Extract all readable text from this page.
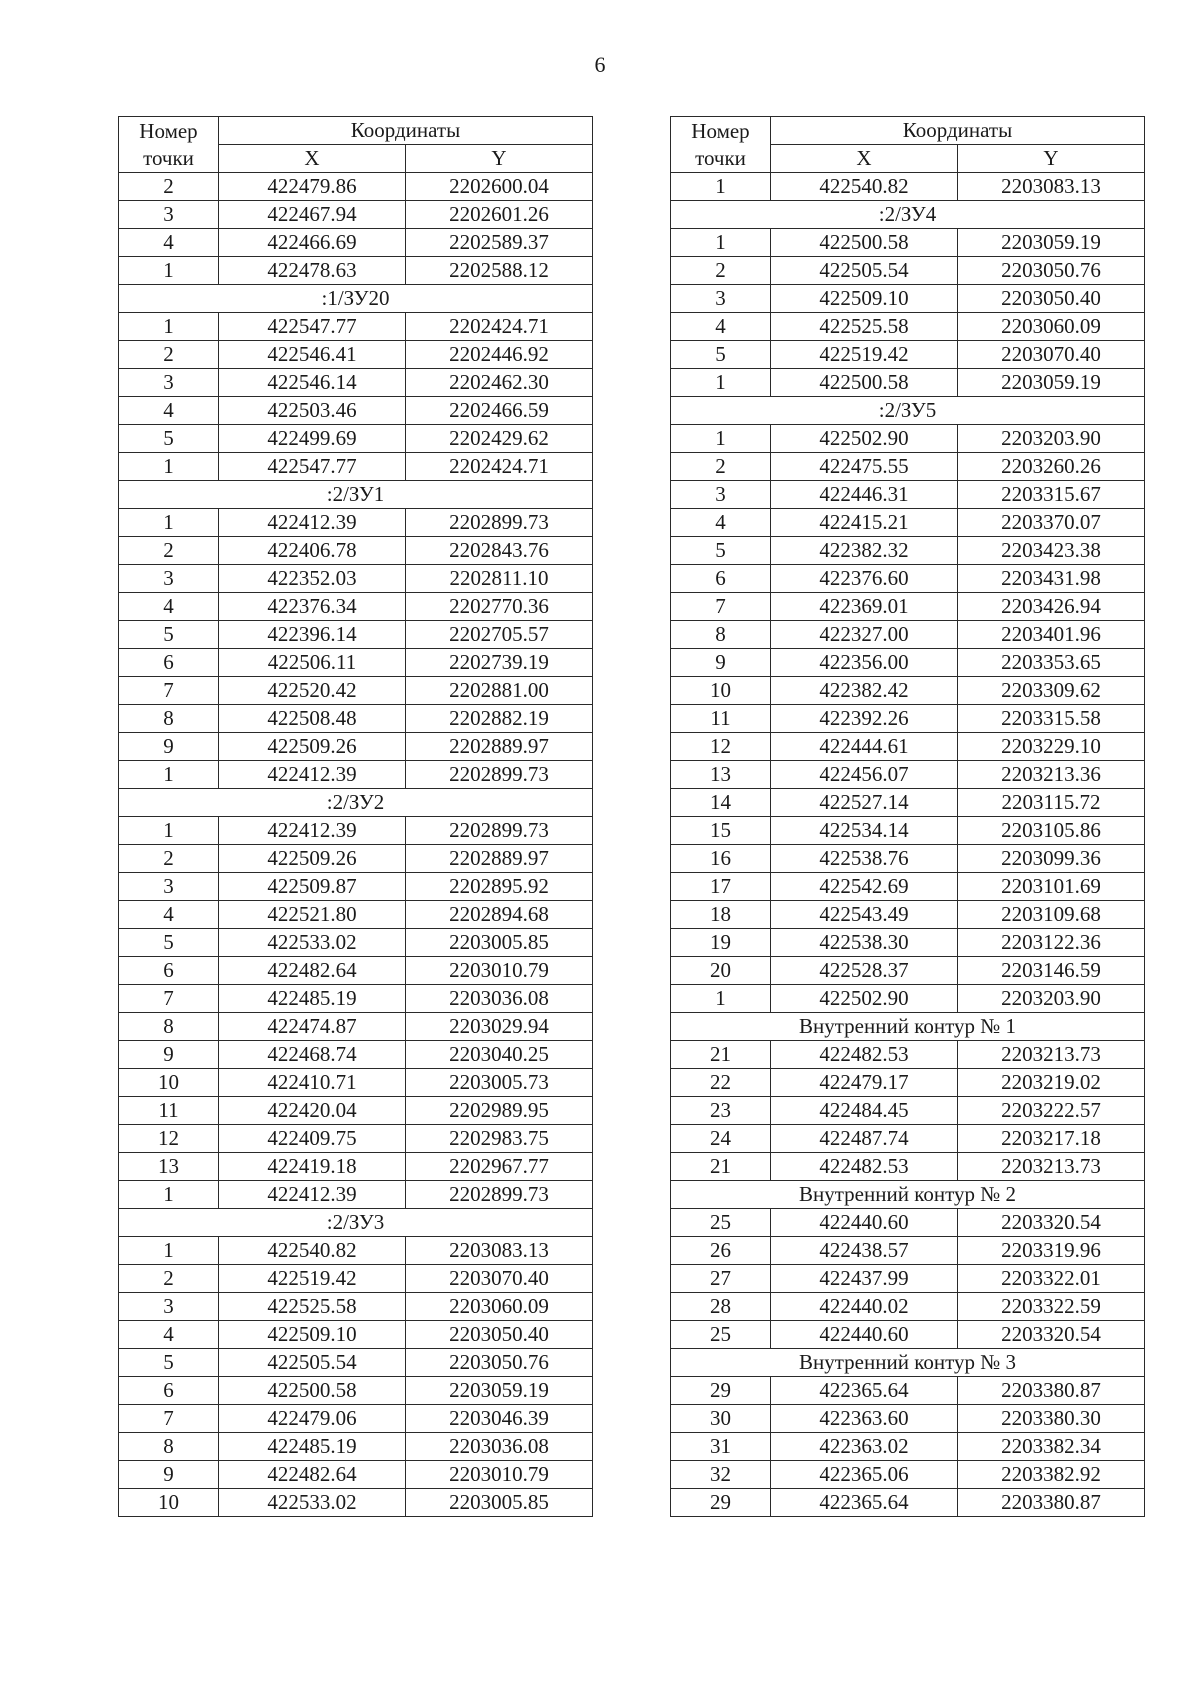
6
Номер
точки	Координаты	
	X	Y
2	422479.86	2202600.04
3	422467.94	2202601.26
4	422466.69	2202589.37
1	422478.63	2202588.12
:1/ЗУ20		
1	422547.77	2202424.71
2	422546.41	2202446.92
3	422546.14	2202462.30
4	422503.46	2202466.59
5	422499.69	2202429.62
1	422547.77	2202424.71
:2/ЗУ1		
1	422412.39	2202899.73
2	422406.78	2202843.76
3	422352.03	2202811.10
4	422376.34	2202770.36
5	422396.14	2202705.57
6	422506.11	2202739.19
7	422520.42	2202881.00
8	422508.48	2202882.19
9	422509.26	2202889.97
1	422412.39	2202899.73
:2/ЗУ2		
1	422412.39	2202899.73
2	422509.26	2202889.97
3	422509.87	2202895.92
4	422521.80	2202894.68
5	422533.02	2203005.85
6	422482.64	2203010.79
7	422485.19	2203036.08
8	422474.87	2203029.94
9	422468.74	2203040.25
10	422410.71	2203005.73
11	422420.04	2202989.95
12	422409.75	2202983.75
13	422419.18	2202967.77
1	422412.39	2202899.73
:2/ЗУ3		
1	422540.82	2203083.13
2	422519.42	2203070.40
3	422525.58	2203060.09
4	422509.10	2203050.40
5	422505.54	2203050.76
6	422500.58	2203059.19
7	422479.06	2203046.39
8	422485.19	2203036.08
9	422482.64	2203010.79
10	422533.02	2203005.85
Номер
точки	Координаты	
	X	Y
1	422540.82	2203083.13
:2/ЗУ4		
1	422500.58	2203059.19
2	422505.54	2203050.76
3	422509.10	2203050.40
4	422525.58	2203060.09
5	422519.42	2203070.40
1	422500.58	2203059.19
:2/ЗУ5		
1	422502.90	2203203.90
2	422475.55	2203260.26
3	422446.31	2203315.67
4	422415.21	2203370.07
5	422382.32	2203423.38
6	422376.60	2203431.98
7	422369.01	2203426.94
8	422327.00	2203401.96
9	422356.00	2203353.65
10	422382.42	2203309.62
11	422392.26	2203315.58
12	422444.61	2203229.10
13	422456.07	2203213.36
14	422527.14	2203115.72
15	422534.14	2203105.86
16	422538.76	2203099.36
17	422542.69	2203101.69
18	422543.49	2203109.68
19	422538.30	2203122.36
20	422528.37	2203146.59
1	422502.90	2203203.90
Внутренний контур № 1		
21	422482.53	2203213.73
22	422479.17	2203219.02
23	422484.45	2203222.57
24	422487.74	2203217.18
21	422482.53	2203213.73
Внутренний контур № 2		
25	422440.60	2203320.54
26	422438.57	2203319.96
27	422437.99	2203322.01
28	422440.02	2203322.59
25	422440.60	2203320.54
Внутренний контур № 3		
29	422365.64	2203380.87
30	422363.60	2203380.30
31	422363.02	2203382.34
32	422365.06	2203382.92
29	422365.64	2203380.87
